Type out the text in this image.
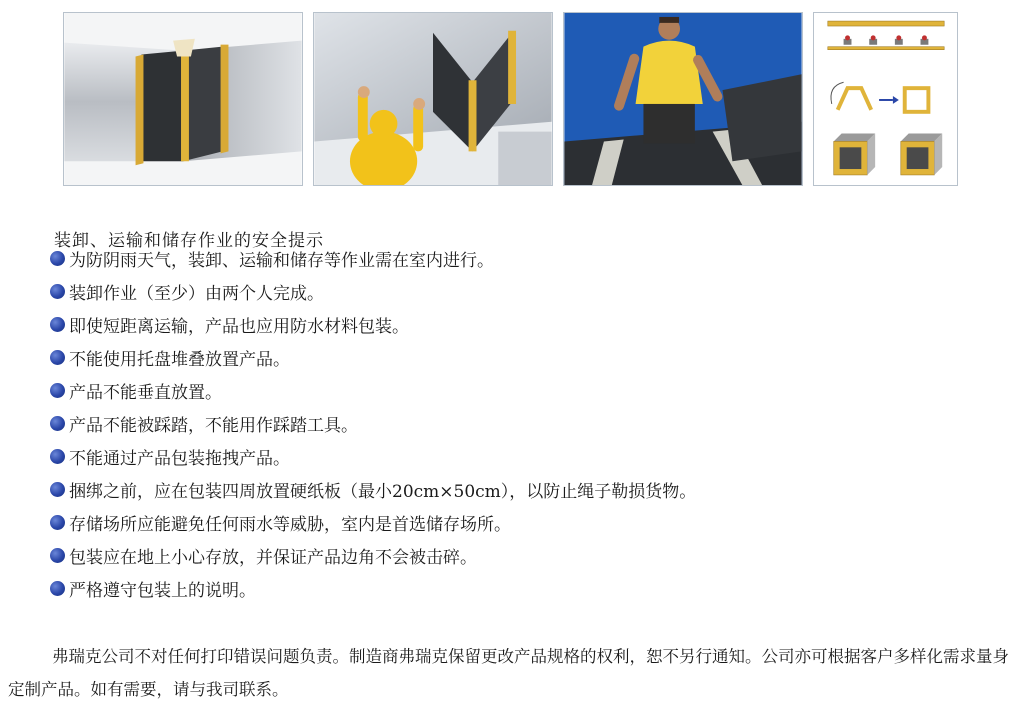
装卸、运输和储存作业的安全提示
为防阴雨天气，装卸、运输和储存等作业需在室内进行。
装卸作业（至少）由两个人完成。
即使短距离运输，产品也应用防水材料包装。
不能使用托盘堆叠放置产品。
产品不能垂直放置。
产品不能被踩踏，不能用作踩踏工具。
不能通过产品包装拖拽产品。
捆绑之前，应在包装四周放置硬纸板（最小20cm×50cm），以防止绳子勒损货物。
存储场所应能避免任何雨水等威胁，室内是首选储存场所。
包装应在地上小心存放，并保证产品边角不会被击碎。
严格遵守包装上的说明。

弗瑞克公司不对任何打印错误问题负责。制造商弗瑞克保留更改产品规格的权利，恕不另行通知。公司亦可根据客户多样化需求量身定制产品。如有需要，请与我司联系。
